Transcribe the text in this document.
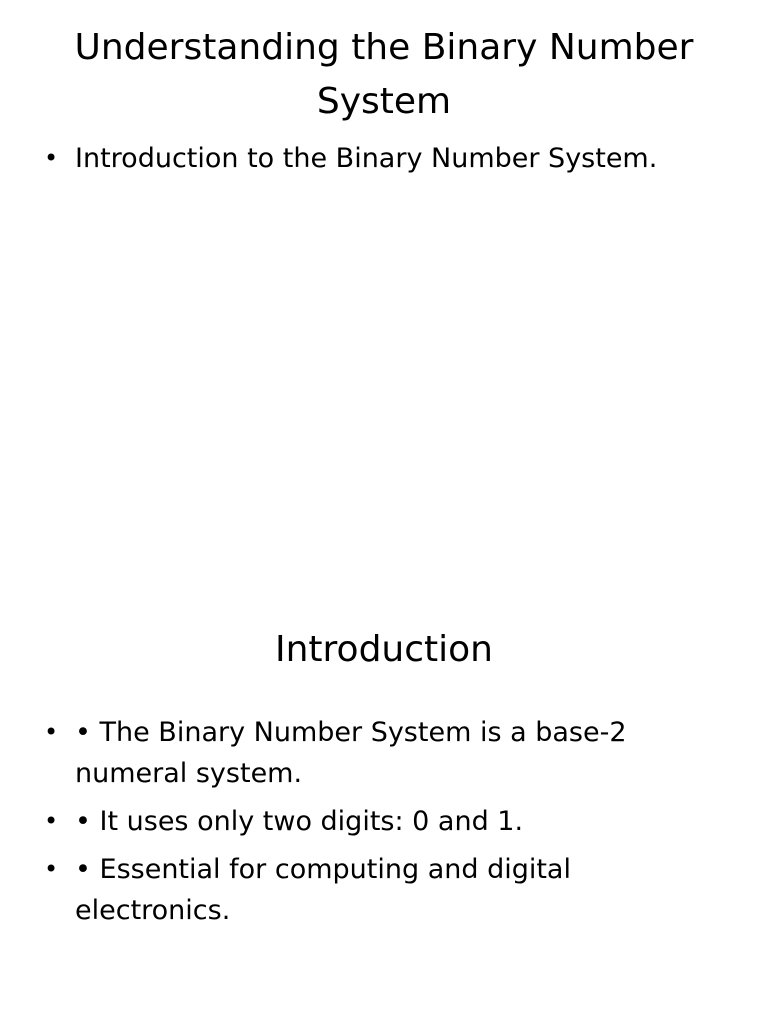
Understanding the Binary Number System
• Introduction to the Binary Number System.
Introduction
• • The Binary Number System is a base-2 numeral system.
• • It uses only two digits: 0 and 1.
• • Essential for computing and digital electronics.
